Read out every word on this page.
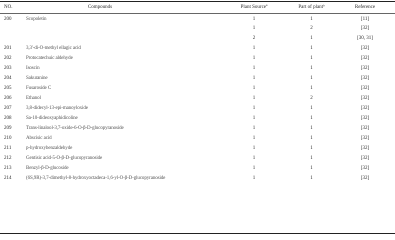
NO.	Compounds	Plant Sourceª	Part of plantᵇ	Reference
200	Scopoletin	1	1	[11]
		1	2	[32]
		2	1	[30, 31]
201	3,3'-di-O-methyl ellagic acid	1	1	[32]
202	Protocatechuic aldehyde	1	1	[32]
203	Isoscin	1	1	[32]
204	Sakuranine	1	1	[32]
205	Fusaroside C	1	1	[32]
206	Ethanol	1	2	[32]
207	3,8-didecyl-13-epi-manoyloxide	1	1	[32]
208	Sa-10-dideoxyaphidicoline	1	1	[32]
209	Trans-linalool-3,7-oxide-6-O-β-D-glucopyranoside	1	1	[32]
210	Abscisic acid	1	1	[32]
211	p-hydroxybenzaldehyde	1	1	[32]
212	Gentisic acid-5-O-β-D-glucopyranoside	1	1	[32]
213	Benzyl-β-D-glucoside	1	1	[32]
214	(6S,9R)-3,7-dimethyl-8-hydroxyoctadeca-1,6-yl-O-β-D-glucopyranoside	1	1	[32]
